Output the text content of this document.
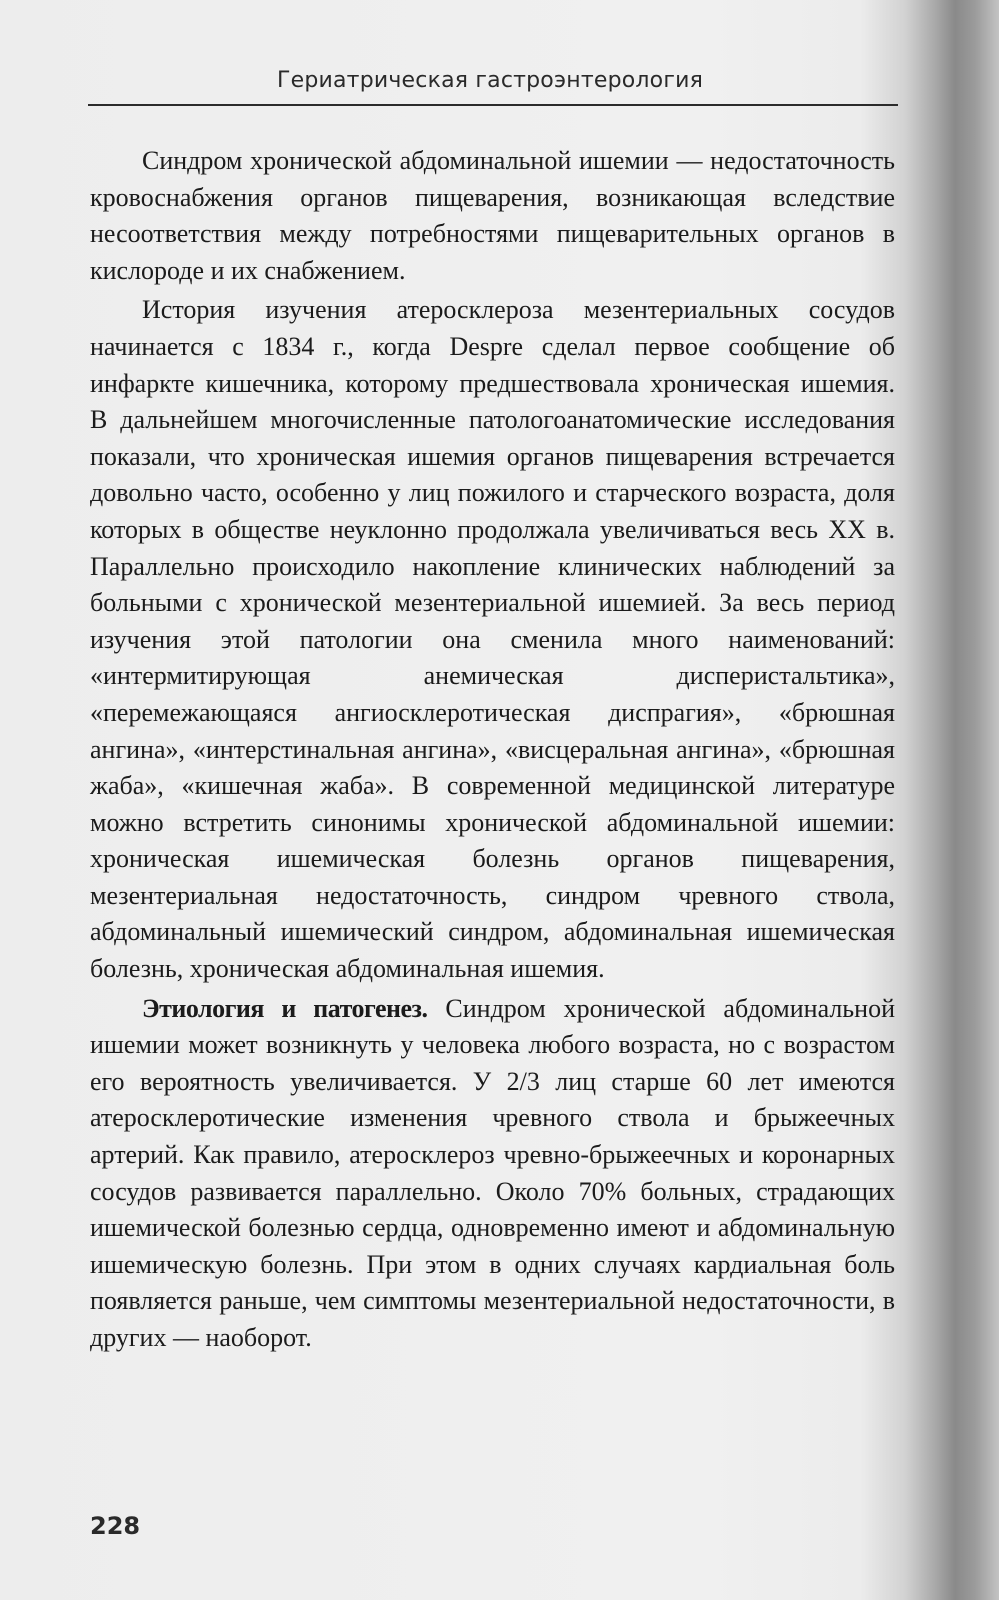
Гериатрическая гастроэнтерология

Синдром хронической абдоминальной ишемии — недостаточность кровоснабжения органов пищеварения, возникающая вследствие несоответствия между потребностями пищеварительных органов в кислороде и их снабжением.

История изучения атеросклероза мезентериальных сосудов начинается с 1834 г., когда Despre сделал первое сообщение об инфаркте кишечника, которому предшествовала хроническая ишемия. В дальнейшем многочисленные патологоанатомические исследования показали, что хроническая ишемия органов пищеварения встречается довольно часто, особенно у лиц пожилого и старческого возраста, доля которых в обществе неуклонно продолжала увеличиваться весь XX в. Параллельно происходило накопление клинических наблюдений за больными с хронической мезентериальной ишемией. За весь период изучения этой патологии она сменила много наименований: «интермитирующая анемическая дисперистальтика», «перемежающаяся ангиосклеротическая диспрагия», «брюшная ангина», «интерстинальная ангина», «висцеральная ангина», «брюшная жаба», «кишечная жаба». В современной медицинской литературе можно встретить синонимы хронической абдоминальной ишемии: хроническая ишемическая болезнь органов пищеварения, мезентериальная недостаточность, синдром чревного ствола, абдоминальный ишемический синдром, абдоминальная ишемическая болезнь, хроническая абдоминальная ишемия.

Этиология и патогенез. Синдром хронической абдоминальной ишемии может возникнуть у человека любого возраста, но с возрастом его вероятность увеличивается. У 2/3 лиц старше 60 лет имеются атеросклеротические изменения чревного ствола и брыжеечных артерий. Как правило, атеросклероз чревно-брыжеечных и коронарных сосудов развивается параллельно. Около 70% больных, страдающих ишемической болезнью сердца, одновременно имеют и абдоминальную ишемическую болезнь. При этом в одних случаях кардиальная боль появляется раньше, чем симптомы мезентериальной недостаточности, в других — наоборот.

228
